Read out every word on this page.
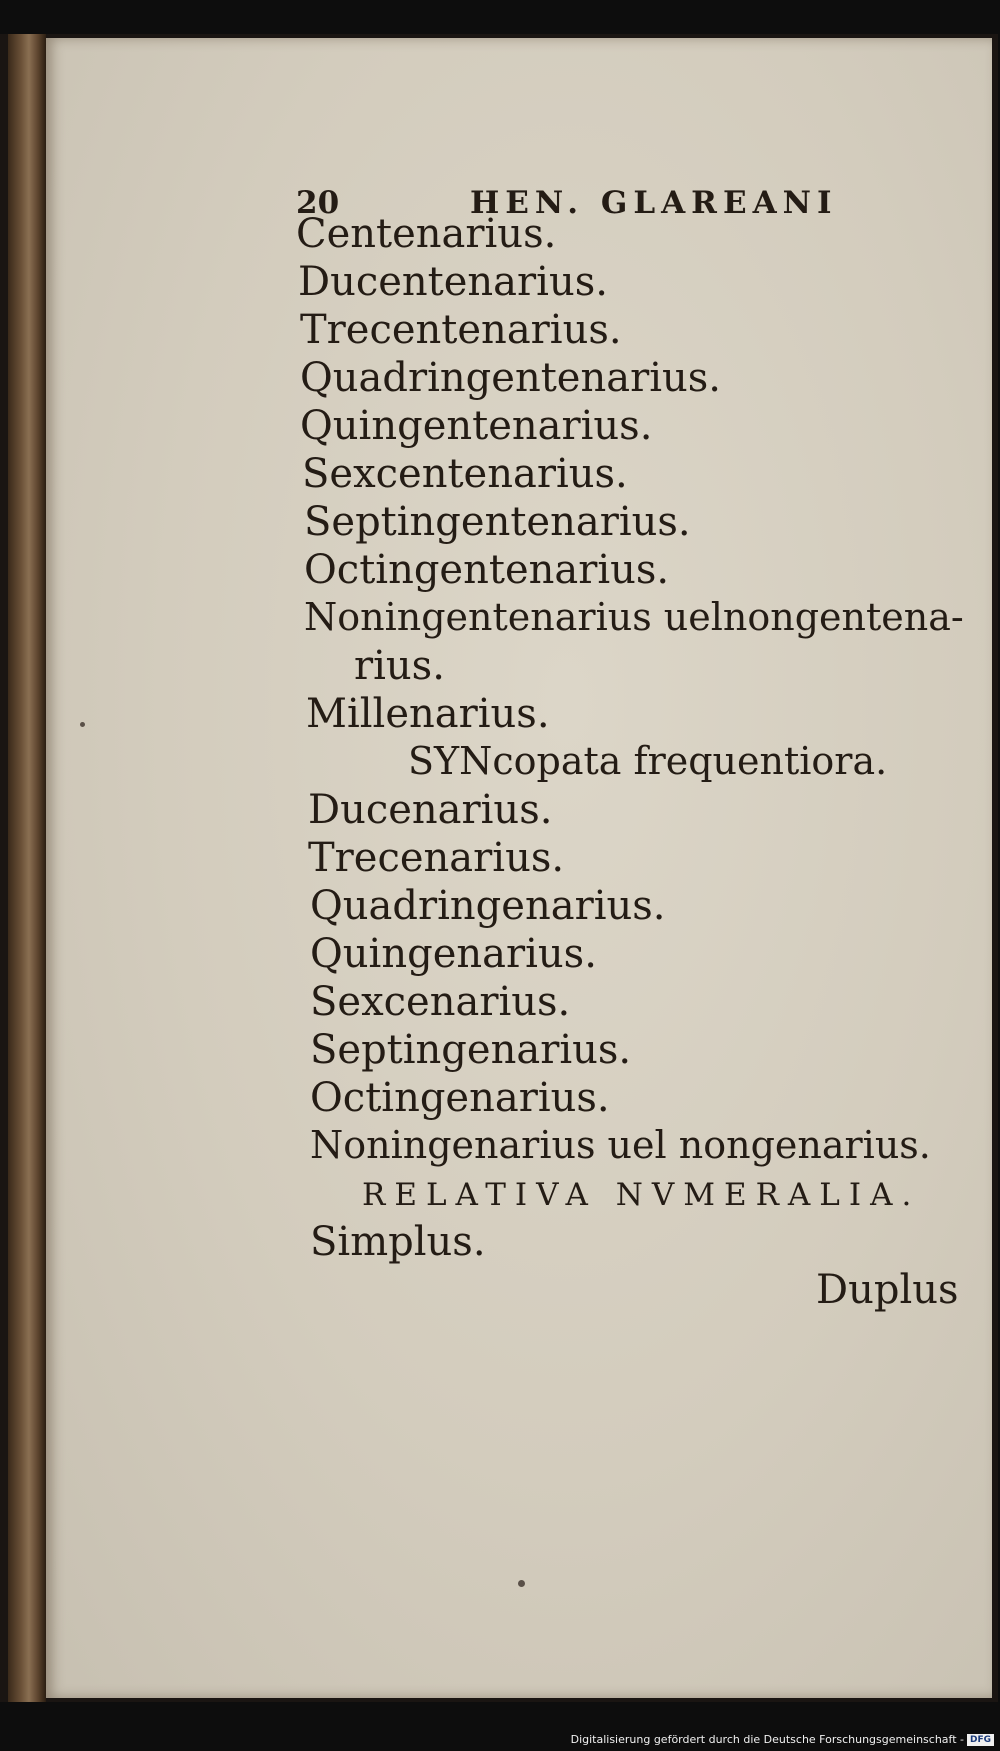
20	HEN. GLAREANI
Centenarius.
Ducentenarius.
Trecentenarius.
Quadringentenarius.
Quingentenarius.
Sexcentenarius.
Septingentenarius.
Octingentenarius.
Noningentenarius uelnongentena-
rius.
Millenarius.
SYNcopata frequentiora.
Ducenarius.
Trecenarius.
Quadringenarius.
Quingenarius.
Sexcenarius.
Septingenarius.
Octingenarius.
Noningenarius uel nongenarius.
RELATIVA NVMERALIA.
Simplus.
Duplus
Digitalisierung gefördert durch die Deutsche Forschungsgemeinschaft - DFG
